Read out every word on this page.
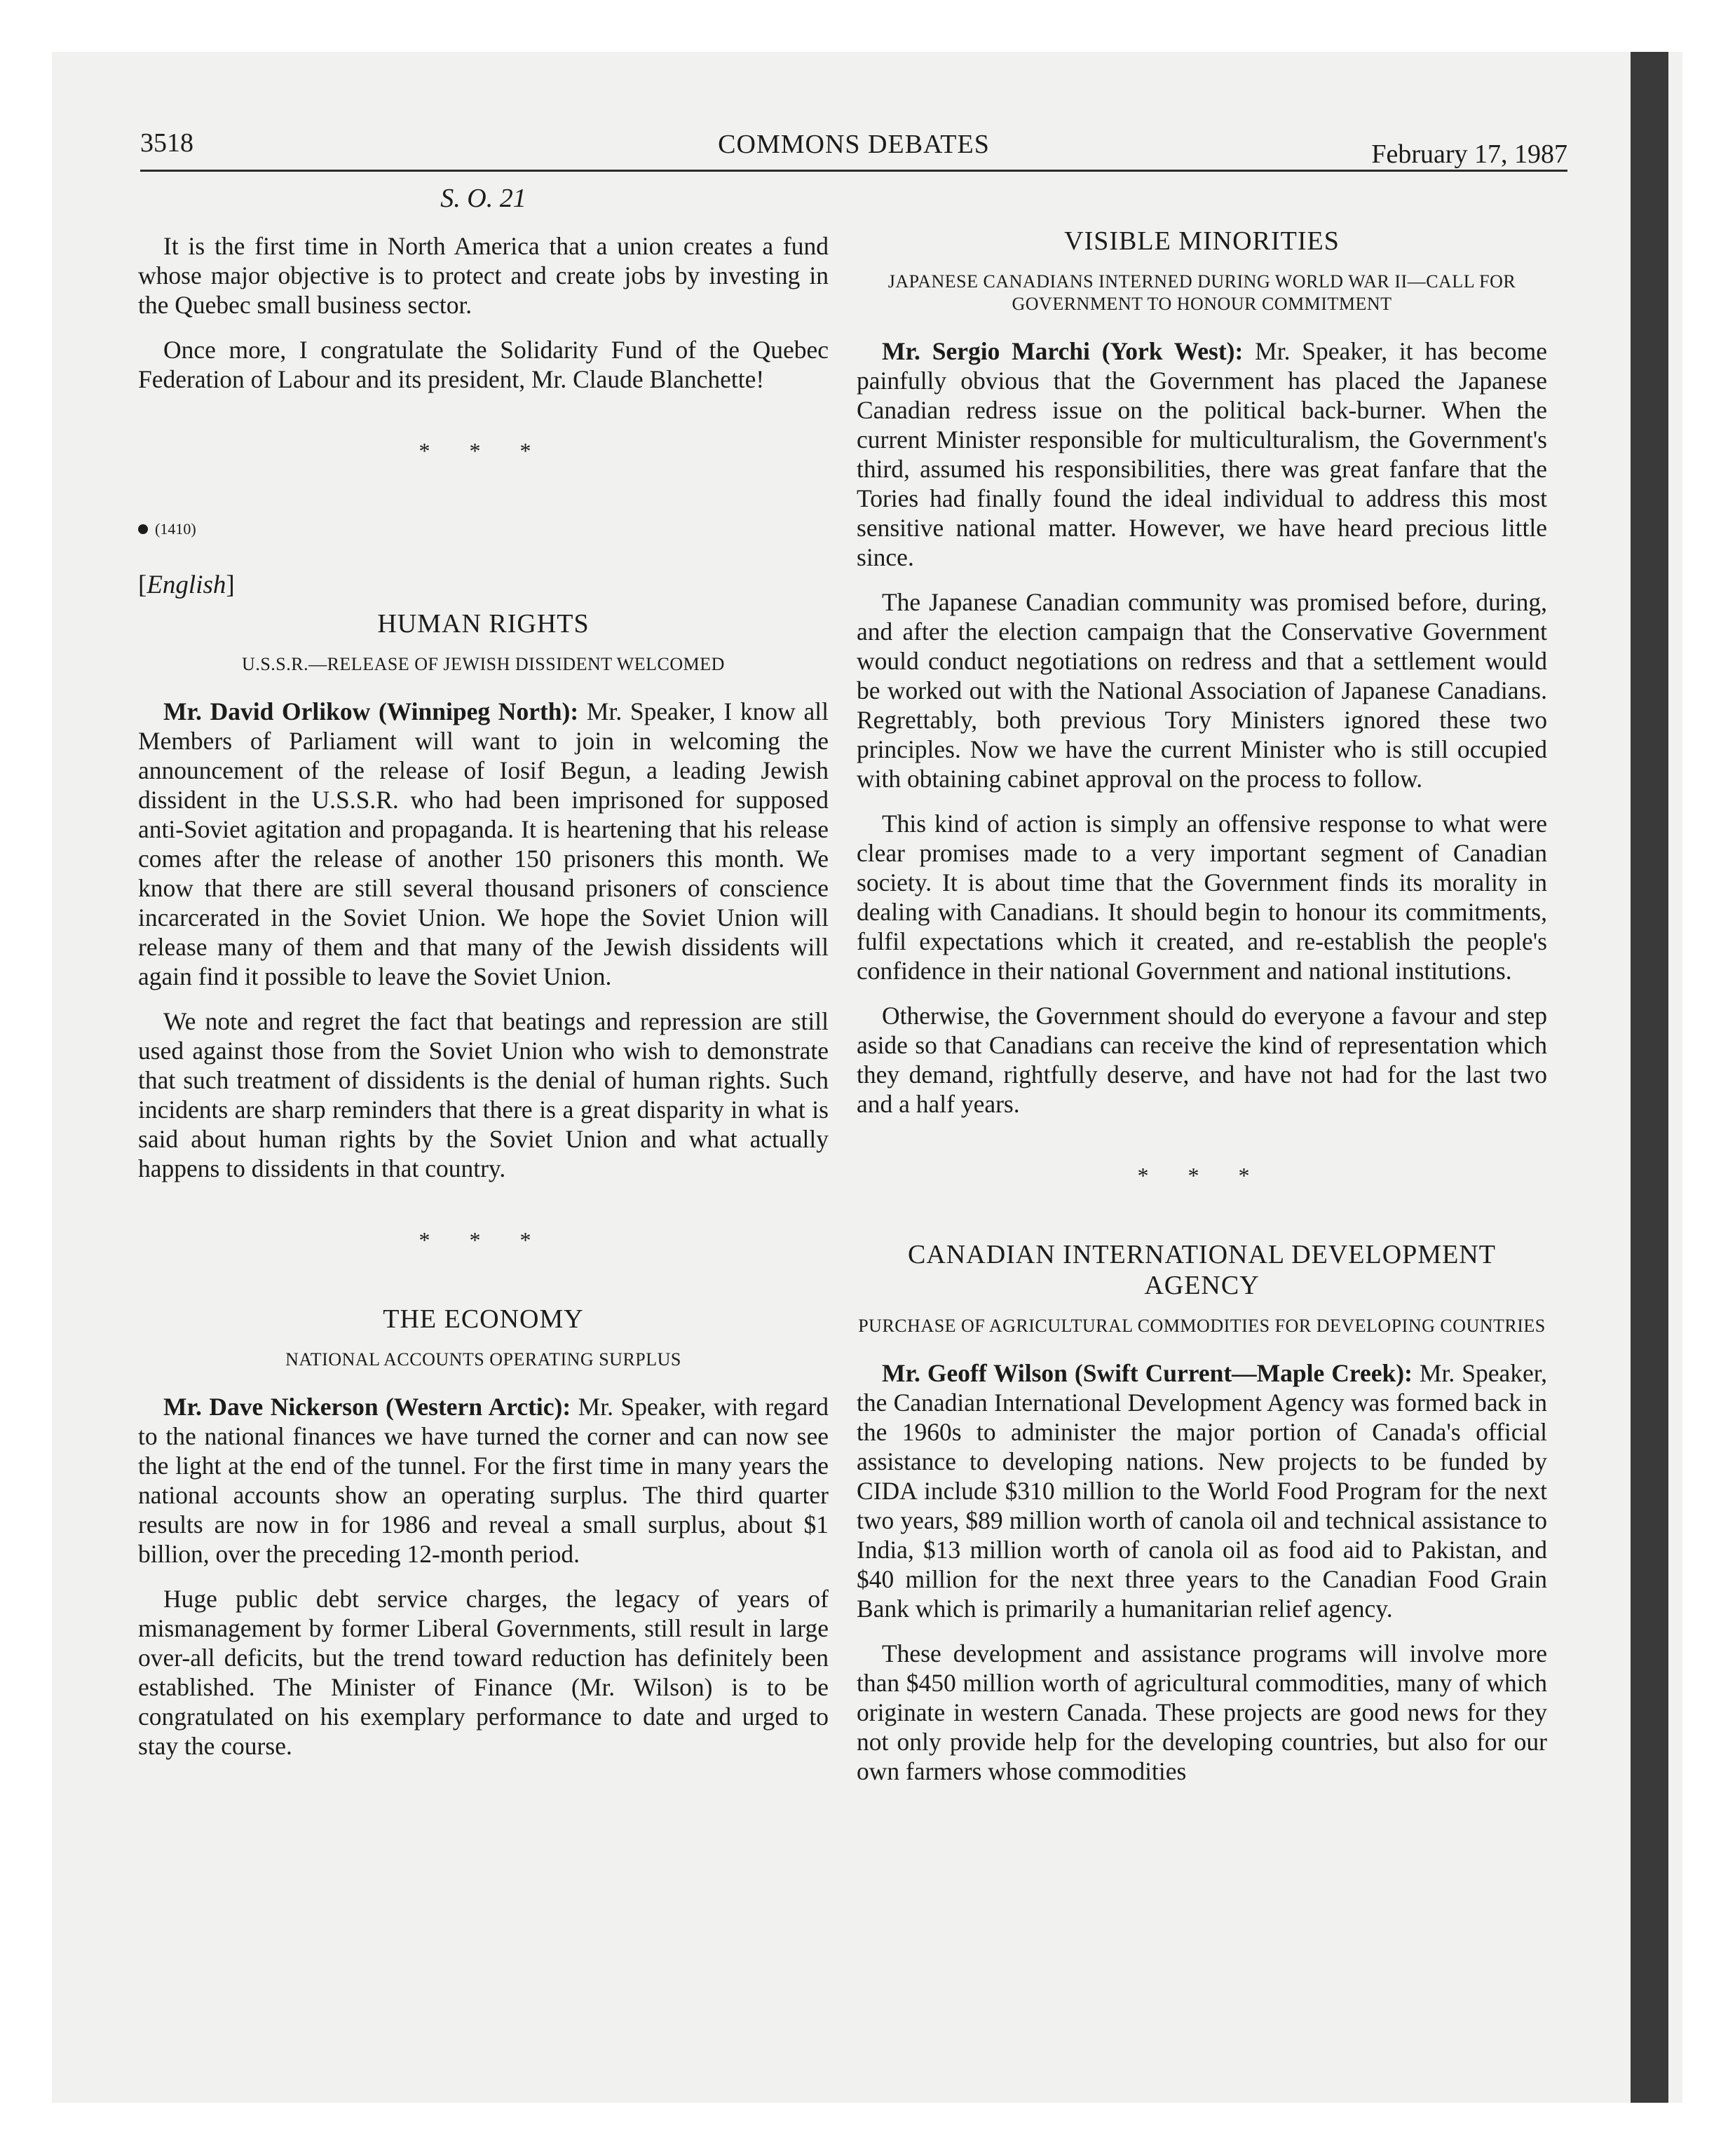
3518	COMMONS DEBATES	February 17, 1987
S. O. 21

It is the first time in North America that a union creates a fund whose major objective is to protect and create jobs by investing in the Quebec small business sector.

Once more, I congratulate the Solidarity Fund of the Quebec Federation of Labour and its president, Mr. Claude Blanchette!

* * *
(1410)
[English]
HUMAN RIGHTS
U.S.S.R.—RELEASE OF JEWISH DISSIDENT WELCOMED

Mr. David Orlikow (Winnipeg North): Mr. Speaker, I know all Members of Parliament will want to join in welcoming the announcement of the release of Iosif Begun, a leading Jewish dissident in the U.S.S.R. who had been imprisoned for supposed anti-Soviet agitation and propaganda. It is heartening that his release comes after the release of another 150 prisoners this month. We know that there are still several thousand prisoners of conscience incarcerated in the Soviet Union. We hope the Soviet Union will release many of them and that many of the Jewish dissidents will again find it possible to leave the Soviet Union.

We note and regret the fact that beatings and repression are still used against those from the Soviet Union who wish to demonstrate that such treatment of dissidents is the denial of human rights. Such incidents are sharp reminders that there is a great disparity in what is said about human rights by the Soviet Union and what actually happens to dissidents in that country.

* * *
THE ECONOMY
NATIONAL ACCOUNTS OPERATING SURPLUS

Mr. Dave Nickerson (Western Arctic): Mr. Speaker, with regard to the national finances we have turned the corner and can now see the light at the end of the tunnel. For the first time in many years the national accounts show an operating surplus. The third quarter results are now in for 1986 and reveal a small surplus, about $1 billion, over the preceding 12-month period.

Huge public debt service charges, the legacy of years of mismanagement by former Liberal Governments, still result in large over-all deficits, but the trend toward reduction has definitely been established. The Minister of Finance (Mr. Wilson) is to be congratulated on his exemplary performance to date and urged to stay the course.

VISIBLE MINORITIES
JAPANESE CANADIANS INTERNED DURING WORLD WAR II—CALL FOR GOVERNMENT TO HONOUR COMMITMENT

Mr. Sergio Marchi (York West): Mr. Speaker, it has become painfully obvious that the Government has placed the Japanese Canadian redress issue on the political back-burner. When the current Minister responsible for multiculturalism, the Government's third, assumed his responsibilities, there was great fanfare that the Tories had finally found the ideal individual to address this most sensitive national matter. However, we have heard precious little since.

The Japanese Canadian community was promised before, during, and after the election campaign that the Conservative Government would conduct negotiations on redress and that a settlement would be worked out with the National Association of Japanese Canadians. Regrettably, both previous Tory Ministers ignored these two principles. Now we have the current Minister who is still occupied with obtaining cabinet approval on the process to follow.

This kind of action is simply an offensive response to what were clear promises made to a very important segment of Canadian society. It is about time that the Government finds its morality in dealing with Canadians. It should begin to honour its commitments, fulfil expectations which it created, and re-establish the people's confidence in their national Government and national institutions.

Otherwise, the Government should do everyone a favour and step aside so that Canadians can receive the kind of representation which they demand, rightfully deserve, and have not had for the last two and a half years.

* * *
CANADIAN INTERNATIONAL DEVELOPMENT AGENCY
PURCHASE OF AGRICULTURAL COMMODITIES FOR DEVELOPING COUNTRIES

Mr. Geoff Wilson (Swift Current—Maple Creek): Mr. Speaker, the Canadian International Development Agency was formed back in the 1960s to administer the major portion of Canada's official assistance to developing nations. New projects to be funded by CIDA include $310 million to the World Food Program for the next two years, $89 million worth of canola oil and technical assistance to India, $13 million worth of canola oil as food aid to Pakistan, and $40 million for the next three years to the Canadian Food Grain Bank which is primarily a humanitarian relief agency.

These development and assistance programs will involve more than $450 million worth of agricultural commodities, many of which originate in western Canada. These projects are good news for they not only provide help for the developing countries, but also for our own farmers whose commodities
